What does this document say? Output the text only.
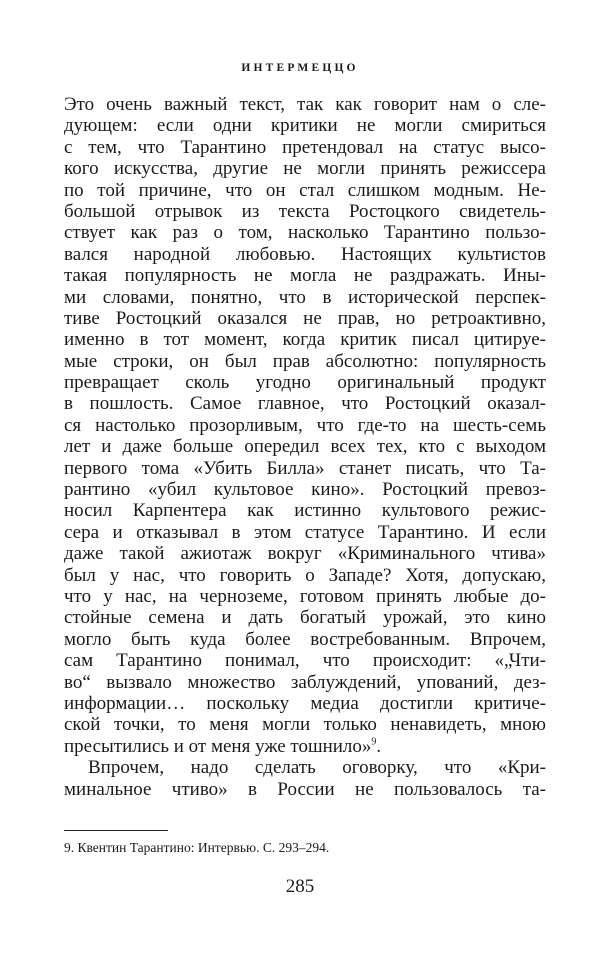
ИНТЕРМЕЦЦО
Это очень важный текст, так как говорит нам о сле-
дующем: если одни критики не могли смириться
с тем, что Тарантино претендовал на статус высо-
кого искусства, другие не могли принять режиссера
по той причине, что он стал слишком модным. Не-
большой отрывок из текста Ростоцкого свидетель-
ствует как раз о том, насколько Тарантино пользо-
вался народной любовью. Настоящих культистов
такая популярность не могла не раздражать. Ины-
ми словами, понятно, что в исторической перспек-
тиве Ростоцкий оказался не прав, но ретроактивно,
именно в тот момент, когда критик писал цитируе-
мые строки, он был прав абсолютно: популярность
превращает сколь угодно оригинальный продукт
в пошлость. Самое главное, что Ростоцкий оказал-
ся настолько прозорливым, что где-то на шесть-семь
лет и даже больше опередил всех тех, кто с выходом
первого тома «Убить Билла» станет писать, что Та-
рантино «убил культовое кино». Ростоцкий превоз-
носил Карпентера как истинно культового режис-
сера и отказывал в этом статусе Тарантино. И если
даже такой ажиотаж вокруг «Криминального чтива»
был у нас, что говорить о Западе? Хотя, допускаю,
что у нас, на черноземе, готовом принять любые до-
стойные семена и дать богатый урожай, это кино
могло быть куда более востребованным. Впрочем,
сам Тарантино понимал, что происходит: «„Чти-
во“ вызвало множество заблуждений, упований, дез-
информации… поскольку медиа достигли критиче-
ской точки, то меня могли только ненавидеть, мною
пресытились и от меня уже тошнило»$^9$.
Впрочем, надо сделать оговорку, что «Кри-
минальное чтиво» в России не пользовалось та-
9. Квентин Тарантино: Интервью. С. 293–294.
285
